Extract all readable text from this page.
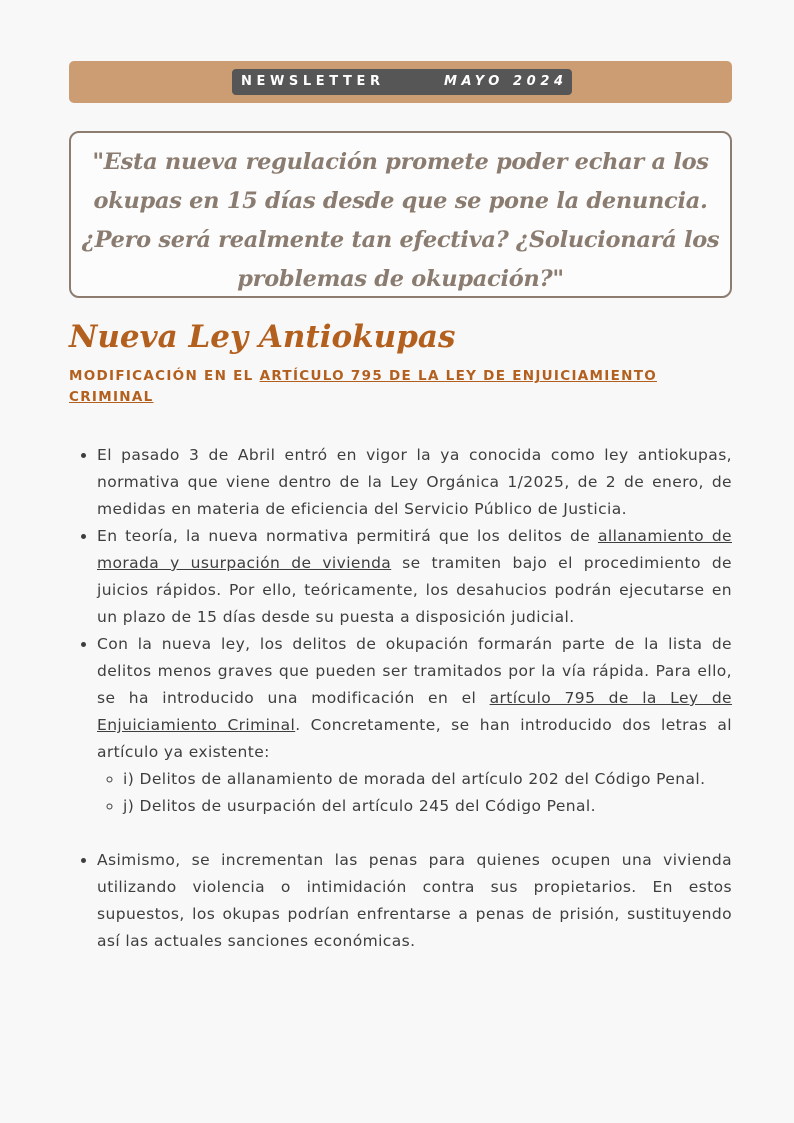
NEWSLETTER	MAYO 2024

"Esta nueva regulación promete poder echar a los okupas en 15 días desde que se pone la denuncia. ¿Pero será realmente tan efectiva? ¿Solucionará los problemas de okupación?"

Nueva Ley Antiokupas

MODIFICACIÓN EN EL ARTÍCULO 795 DE LA LEY DE ENJUICIAMIENTO CRIMINAL

• El pasado 3 de Abril entró en vigor la ya conocida como ley antiokupas, normativa que viene dentro de la Ley Orgánica 1/2025, de 2 de enero, de medidas en materia de eficiencia del Servicio Público de Justicia.
• En teoría, la nueva normativa permitirá que los delitos de allanamiento de morada y usurpación de vivienda se tramiten bajo el procedimiento de juicios rápidos. Por ello, teóricamente, los desahucios podrán ejecutarse en un plazo de 15 días desde su puesta a disposición judicial.
• Con la nueva ley, los delitos de okupación formarán parte de la lista de delitos menos graves que pueden ser tramitados por la vía rápida. Para ello, se ha introducido una modificación en el artículo 795 de la Ley de Enjuiciamiento Criminal. Concretamente, se han introducido dos letras al artículo ya existente:
◦ i) Delitos de allanamiento de morada del artículo 202 del Código Penal.
◦ j) Delitos de usurpación del artículo 245 del Código Penal.
• Asimismo, se incrementan las penas para quienes ocupen una vivienda utilizando violencia o intimidación contra sus propietarios. En estos supuestos, los okupas podrían enfrentarse a penas de prisión, sustituyendo así las actuales sanciones económicas.
